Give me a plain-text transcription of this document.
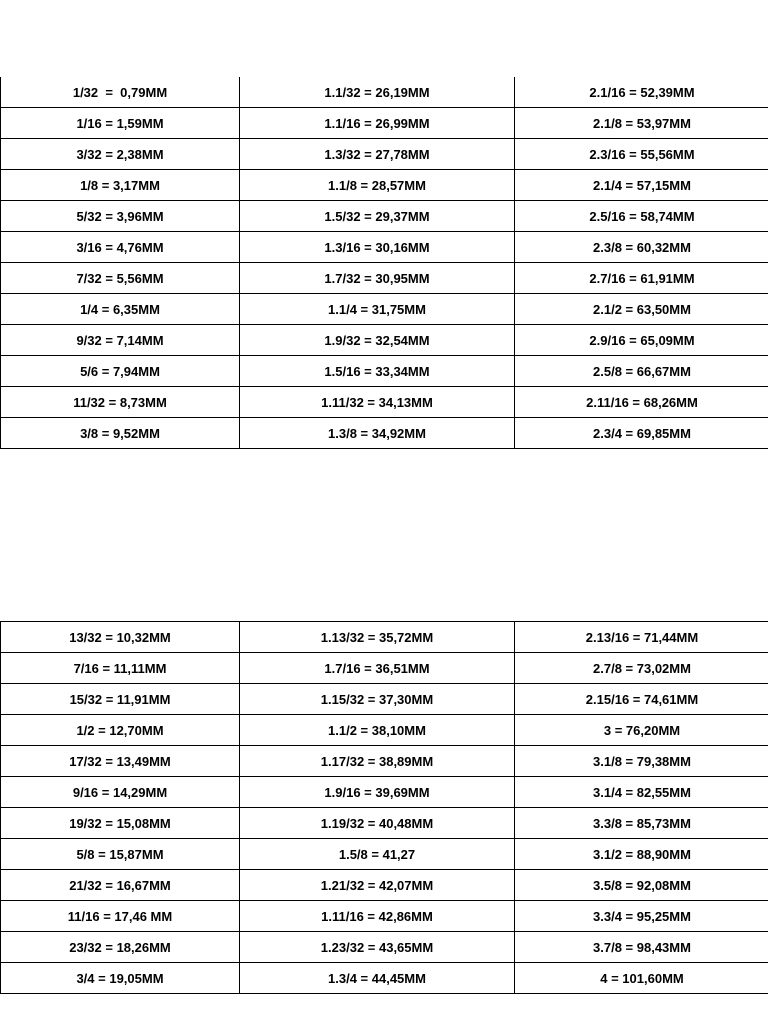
1/32  =  0,79MM	1.1/32 = 26,19MM	2.1/16 = 52,39MM
1/16 = 1,59MM	1.1/16 = 26,99MM	2.1/8 = 53,97MM
3/32 = 2,38MM	1.3/32 = 27,78MM	2.3/16 = 55,56MM
1/8 = 3,17MM	1.1/8 = 28,57MM	2.1/4 = 57,15MM
5/32 = 3,96MM	1.5/32 = 29,37MM	2.5/16 = 58,74MM
3/16 = 4,76MM	1.3/16 = 30,16MM	2.3/8 = 60,32MM
7/32 = 5,56MM	1.7/32 = 30,95MM	2.7/16 = 61,91MM
1/4 = 6,35MM	1.1/4 = 31,75MM	2.1/2 = 63,50MM
9/32 = 7,14MM	1.9/32 = 32,54MM	2.9/16 = 65,09MM
5/6 = 7,94MM	1.5/16 = 33,34MM	2.5/8 = 66,67MM
11/32 = 8,73MM	1.11/32 = 34,13MM	2.11/16 = 68,26MM
3/8 = 9,52MM	1.3/8 = 34,92MM	2.3/4 = 69,85MM
13/32 = 10,32MM	1.13/32 = 35,72MM	2.13/16 = 71,44MM
7/16 = 11,11MM	1.7/16 = 36,51MM	2.7/8 = 73,02MM
15/32 = 11,91MM	1.15/32 = 37,30MM	2.15/16 = 74,61MM
1/2 = 12,70MM	1.1/2 = 38,10MM	3 = 76,20MM
17/32 = 13,49MM	1.17/32 = 38,89MM	3.1/8 = 79,38MM
9/16 = 14,29MM	1.9/16 = 39,69MM	3.1/4 = 82,55MM
19/32 = 15,08MM	1.19/32 = 40,48MM	3.3/8 = 85,73MM
5/8 = 15,87MM	1.5/8 = 41,27	3.1/2 = 88,90MM
21/32 = 16,67MM	1.21/32 = 42,07MM	3.5/8 = 92,08MM
11/16 = 17,46 MM	1.11/16 = 42,86MM	3.3/4 = 95,25MM
23/32 = 18,26MM	1.23/32 = 43,65MM	3.7/8 = 98,43MM
3/4 = 19,05MM	1.3/4 = 44,45MM	4 = 101,60MM
